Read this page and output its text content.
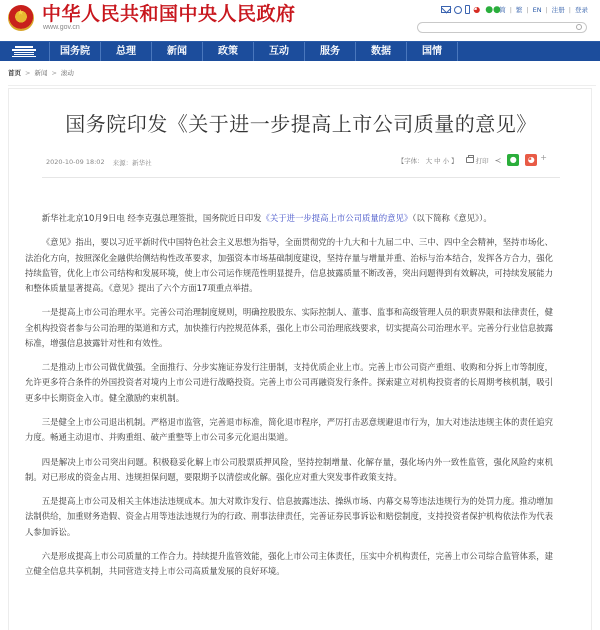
★ 中华人民共和国中央人民政府
www.gov.cn
◕ ●●
简 | 繁 | EN | 注册 | 登录
国务院	总理	新闻	政策	互动	服务	数据	国情
首页 > 新闻 > 滚动
国务院印发《关于进一步提高上市公司质量的意见》
2020-10-09 18:02 来源：新华社	【字体： 大 中 小 】	打印 ≺	●	◕ +

新华社北京10月9日电 经李克强总理签批，国务院近日印发《关于进一步提高上市公司质量的意见》（以下简称《意见》）。

《意见》指出，要以习近平新时代中国特色社会主义思想为指导，全面贯彻党的十九大和十九届二中、三中、四中全会精神，坚持市场化、法治化方向，按照深化金融供给侧结构性改革要求，加强资本市场基础制度建设，坚持存量与增量并重、治标与治本结合，发挥各方合力，强化持续监管，优化上市公司结构和发展环境，使上市公司运作规范性明显提升，信息披露质量不断改善，突出问题得到有效解决，可持续发展能力和整体质量显著提高。《意见》提出了六个方面17项重点举措。

一是提高上市公司治理水平。完善公司治理制度规则，明确控股股东、实际控制人、董事、监事和高级管理人员的职责界限和法律责任，健全机构投资者参与公司治理的渠道和方式，加快推行内控规范体系，强化上市公司治理底线要求，切实提高公司治理水平。完善分行业信息披露标准，增强信息披露针对性和有效性。

二是推动上市公司做优做强。全面推行、分步实施证券发行注册制，支持优质企业上市。完善上市公司资产重组、收购和分拆上市等制度，允许更多符合条件的外国投资者对境内上市公司进行战略投资。完善上市公司再融资发行条件。探索建立对机构投资者的长周期考核机制，吸引更多中长期资金入市。健全激励约束机制。

三是健全上市公司退出机制。严格退市监管，完善退市标准，简化退市程序，严厉打击恶意规避退市行为，加大对违法违规主体的责任追究力度。畅通主动退市、并购重组、破产重整等上市公司多元化退出渠道。

四是解决上市公司突出问题。积极稳妥化解上市公司股票质押风险，坚持控制增量、化解存量，强化场内外一致性监管，强化风险约束机制。对已形成的资金占用、违规担保问题，要限期予以清偿或化解。强化应对重大突发事件政策支持。

五是提高上市公司及相关主体违法违规成本。加大对欺诈发行、信息披露违法、操纵市场、内幕交易等违法违规行为的处罚力度。推动增加法制供给，加重财务造假、资金占用等违法违规行为的行政、刑事法律责任，完善证券民事诉讼和赔偿制度，支持投资者保护机构依法作为代表人参加诉讼。

六是形成提高上市公司质量的工作合力。持续提升监管效能，强化上市公司主体责任，压实中介机构责任，完善上市公司综合监管体系，建立健全信息共享机制，共同营造支持上市公司高质量发展的良好环境。
